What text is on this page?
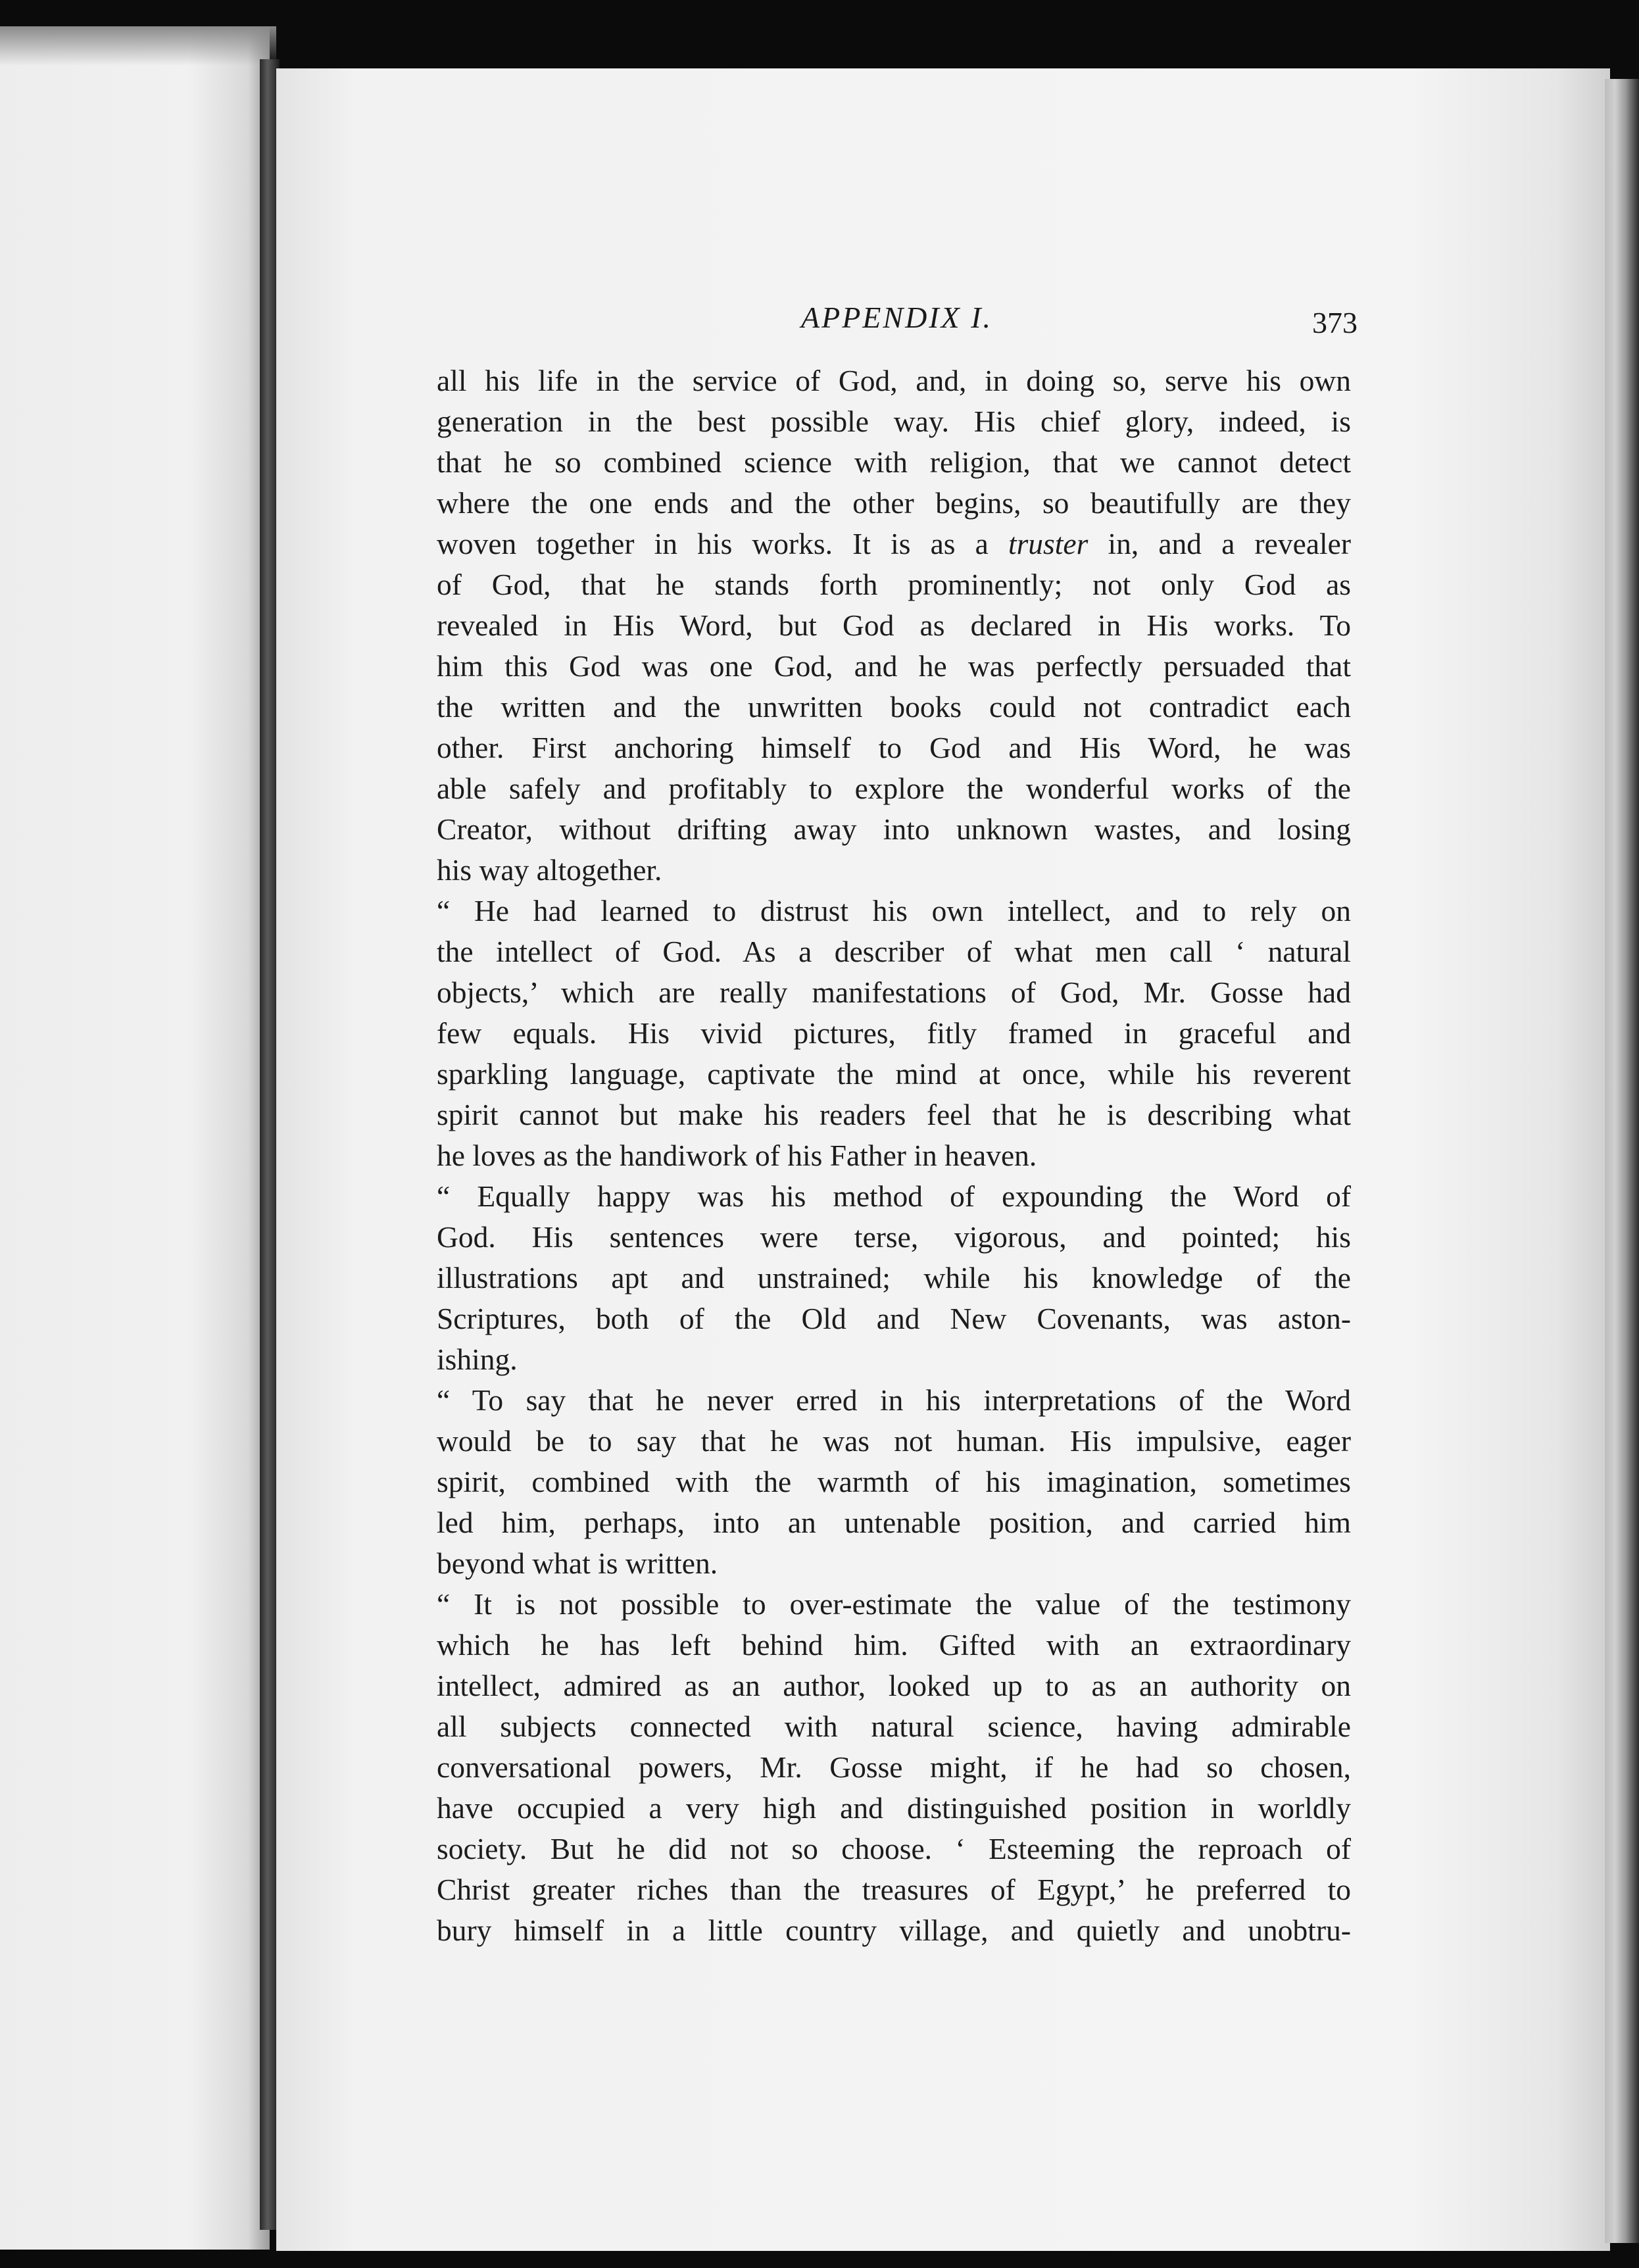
APPENDIX I.	373
all his life in the service of God, and, in doing so, serve his own
generation in the best possible way. His chief glory, indeed, is
that he so combined science with religion, that we cannot detect
where the one ends and the other begins, so beautifully are they
woven together in his works. It is as a truster in, and a revealer
of God, that he stands forth prominently; not only God as
revealed in His Word, but God as declared in His works. To
him this God was one God, and he was perfectly persuaded that
the written and the unwritten books could not contradict each
other. First anchoring himself to God and His Word, he was
able safely and profitably to explore the wonderful works of the
Creator, without drifting away into unknown wastes, and losing
his way altogether.
“ He had learned to distrust his own intellect, and to rely on
the intellect of God. As a describer of what men call ‘ natural
objects,’ which are really manifestations of God, Mr. Gosse had
few equals. His vivid pictures, fitly framed in graceful and
sparkling language, captivate the mind at once, while his reverent
spirit cannot but make his readers feel that he is describing what
he loves as the handiwork of his Father in heaven.
“ Equally happy was his method of expounding the Word of
God. His sentences were terse, vigorous, and pointed; his
illustrations apt and unstrained; while his knowledge of the
Scriptures, both of the Old and New Covenants, was aston-
ishing.
“ To say that he never erred in his interpretations of the Word
would be to say that he was not human. His impulsive, eager
spirit, combined with the warmth of his imagination, sometimes
led him, perhaps, into an untenable position, and carried him
beyond what is written.
“ It is not possible to over-estimate the value of the testimony
which he has left behind him. Gifted with an extraordinary
intellect, admired as an author, looked up to as an authority on
all subjects connected with natural science, having admirable
conversational powers, Mr. Gosse might, if he had so chosen,
have occupied a very high and distinguished position in worldly
society. But he did not so choose. ‘ Esteeming the reproach of
Christ greater riches than the treasures of Egypt,’ he preferred to
bury himself in a little country village, and quietly and unobtru-
